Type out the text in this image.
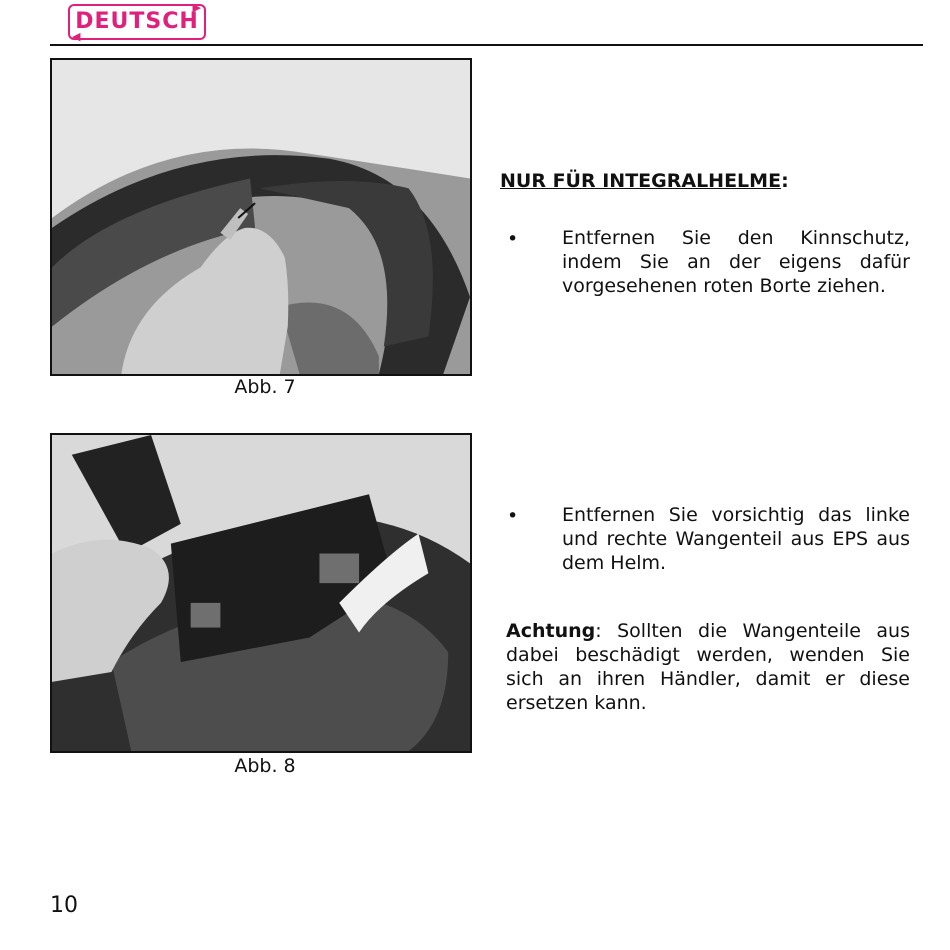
▶
DEUTSCH
◀
Abb. 7
NUR FÜR INTEGRALHELME:
• Entfernen Sie den Kinnschutz, indem Sie an der eigens dafür vorgesehenen roten Borte ziehen.
Abb. 8
• Entfernen Sie vorsichtig das linke und rechte Wangenteil aus EPS aus dem Helm.
Achtung: Sollten die Wangenteile aus dabei beschädigt werden, wenden Sie sich an ihren Händler, damit er diese ersetzen kann.
10
